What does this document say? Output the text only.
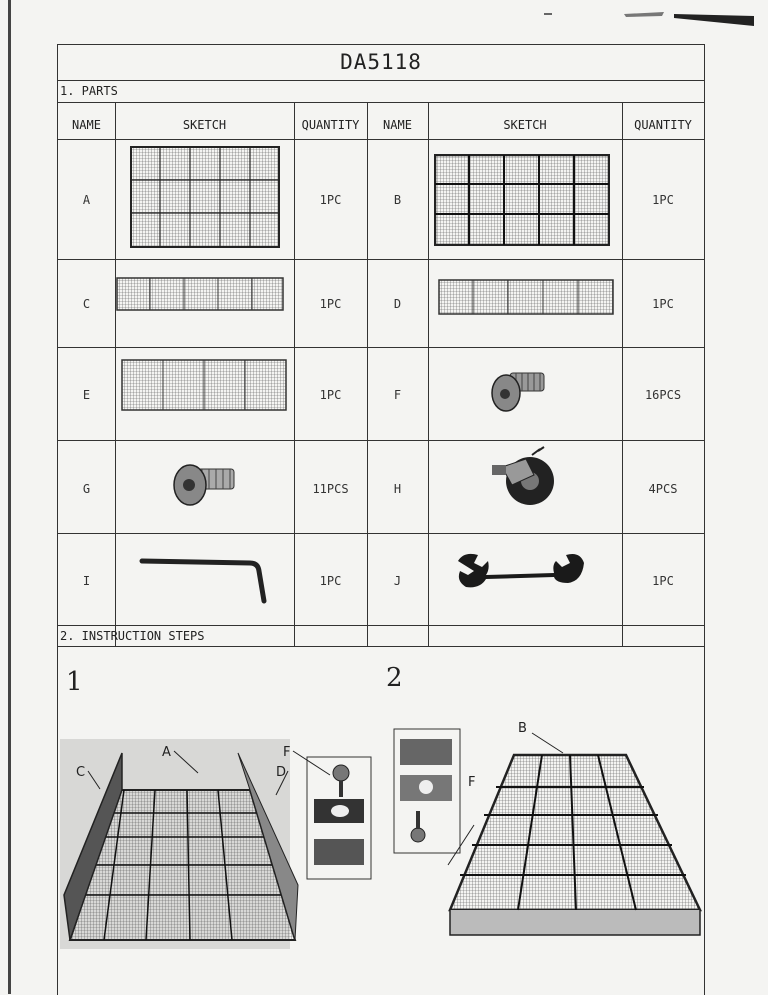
DA5118
1. PARTS
NAME	SKETCH	QUANTITY	NAME	SKETCH	QUANTITY
A	1PC	B	1PC
C	1PC	D	1PC
E	1PC	F	16PCS
G	11PCS	H	4PCS
I	1PC	J	1PC
2. INSTRUCTION STEPS
1	2
C
A	F
D
B
F
